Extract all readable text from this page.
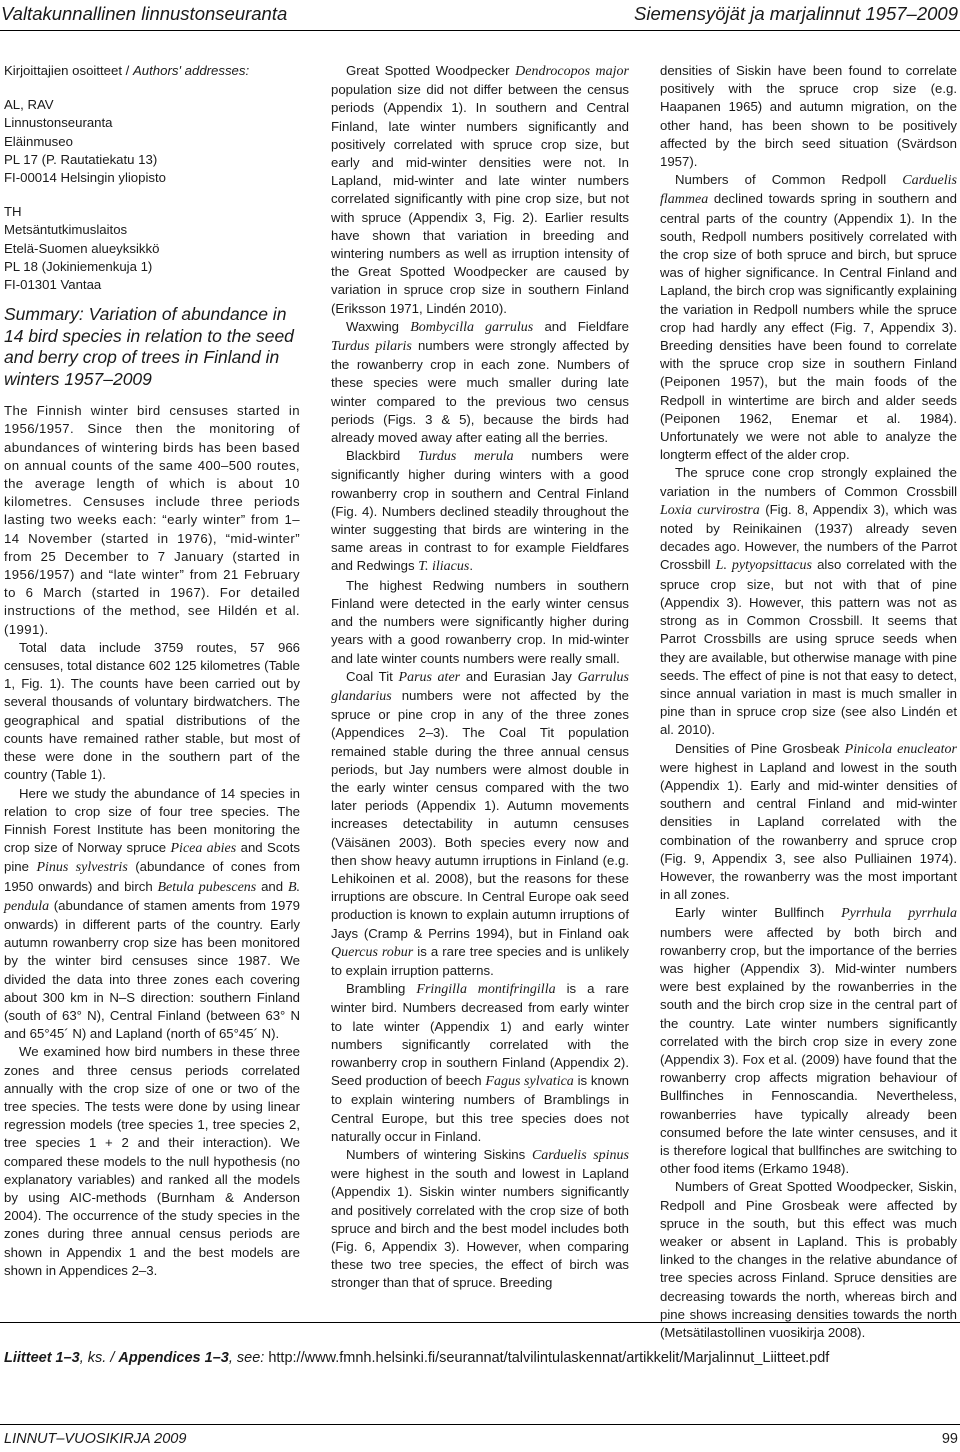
Valtakunnallinen linnustonseuranta	Siemensyöjät ja marjalinnut 1957–2009
Kirjoittajien osoitteet / Authors' addresses:
AL, RAV
Linnustonseuranta
Eläinmuseo
PL 17 (P. Rautatiekatu 13)
FI-00014 Helsingin yliopisto
TH
Metsäntutkimuslaitos
Etelä-Suomen alueyksikkö
PL 18 (Jokiniemenkuja 1)
FI-01301 Vantaa
Summary: Variation of abundance in 14 bird species in relation to the seed and berry crop of trees in Finland in winters 1957–2009

The Finnish winter bird censuses started in 1956/1957. Since then the monitoring of abundances of wintering birds has been based on annual counts of the same 400–500 routes, the average length of which is about 10 kilometres. Censuses include three periods lasting two weeks each: “early winter” from 1–14 November (started in 1976), “mid-winter” from 25 December to 7 January (started in 1956/1957) and “late winter” from 21 February to 6 March (started in 1967). For detailed instructions of the method, see Hildén et al. (1991).

Total data include 3759 routes, 57 966 censuses, total distance 602 125 kilometres (Table 1, Fig. 1). The counts have been carried out by several thousands of voluntary birdwatchers. The geographical and spatial distributions of the counts have remained rather stable, but most of these were done in the southern part of the country (Table 1).

Here we study the abundance of 14 species in relation to crop size of four tree species. The Finnish Forest Institute has been monitoring the crop size of Norway spruce Picea abies and Scots pine Pinus sylvestris (abundance of cones from 1950 onwards) and birch Betula pubescens and B. pendula (abundance of stamen aments from 1979 onwards) in different parts of the country. Early autumn rowanberry crop size has been monitored by the winter bird censuses since 1987. We divided the data into three zones each covering about 300 km in N–S direction: southern Finland (south of 63° N), Central Finland (between 63° N and 65°45´ N) and Lapland (north of 65°45´ N).

We examined how bird numbers in these three zones and three census periods correlated annually with the crop size of one or two of the tree species. The tests were done by using linear regression models (tree species 1, tree species 2, tree species 1 + 2 and their interaction). We compared these models to the null hypothesis (no explanatory variables) and ranked all the models by using AIC-methods (Burnham & Anderson 2004). The occurrence of the study species in the zones during three annual census periods are shown in Appendix 1 and the best models are shown in Appendices 2–3.

Great Spotted Woodpecker Dendrocopos major population size did not differ between the census periods (Appendix 1). In southern and Central Finland, late winter numbers significantly and positively correlated with spruce crop size, but early and mid-winter densities were not. In Lapland, mid-winter and late winter numbers correlated significantly with pine crop size, but not with spruce (Appendix 3, Fig. 2). Earlier results have shown that variation in breeding and wintering numbers as well as irruption intensity of the Great Spotted Woodpecker are caused by variation in spruce crop size in southern Finland (Eriksson 1971, Lindén 2010).

Waxwing Bombycilla garrulus and Fieldfare Turdus pilaris numbers were strongly affected by the rowanberry crop in each zone. Numbers of these species were much smaller during late winter compared to the previous two census periods (Figs. 3 & 5), because the birds had already moved away after eating all the berries.

Blackbird Turdus merula numbers were significantly higher during winters with a good rowanberry crop in southern and Central Finland (Fig. 4). Numbers declined steadily throughout the winter suggesting that birds are wintering in the same areas in contrast to for example Fieldfares and Redwings T. iliacus.

The highest Redwing numbers in southern Finland were detected in the early winter census and the numbers were significantly higher during years with a good rowanberry crop. In mid-winter and late winter counts numbers were really small.

Coal Tit Parus ater and Eurasian Jay Garrulus glandarius numbers were not affected by the spruce or pine crop in any of the three zones (Appendices 2–3). The Coal Tit population remained stable during the three annual census periods, but Jay numbers were almost double in the early winter census compared with the two later periods (Appendix 1). Autumn movements increases detectability in autumn censuses (Väisänen 2003). Both species every now and then show heavy autumn irruptions in Finland (e.g. Lehikoinen et al. 2008), but the reasons for these irruptions are obscure. In Central Europe oak seed production is known to explain autumn irruptions of Jays (Cramp & Perrins 1994), but in Finland oak Quercus robur is a rare tree species and is unlikely to explain irruption patterns.

Brambling Fringilla montifringilla is a rare winter bird. Numbers decreased from early winter to late winter (Appendix 1) and early winter numbers significantly correlated with the rowanberry crop in southern Finland (Appendix 2). Seed production of beech Fagus sylvatica is known to explain wintering numbers of Bramblings in Central Europe, but this tree species does not naturally occur in Finland.

Numbers of wintering Siskins Carduelis spinus were highest in the south and lowest in Lapland (Appendix 1). Siskin winter numbers significantly and positively correlated with the crop size of both spruce and birch and the best model includes both (Fig. 6, Appendix 3). However, when comparing these two tree species, the effect of birch was stronger than that of spruce. Breeding

densities of Siskin have been found to correlate positively with the spruce crop size (e.g. Haapanen 1965) and autumn migration, on the other hand, has been shown to be positively affected by the birch seed situation (Svärdson 1957).

Numbers of Common Redpoll Carduelis flammea declined towards spring in southern and central parts of the country (Appendix 1). In the south, Redpoll numbers positively correlated with the crop size of both spruce and birch, but spruce was of higher significance. In Central Finland and Lapland, the birch crop was significantly explaining the variation in Redpoll numbers while the spruce crop had hardly any effect (Fig. 7, Appendix 3). Breeding densities have been found to correlate with the spruce crop size in southern Finland (Peiponen 1957), but the main foods of the Redpoll in wintertime are birch and alder seeds (Peiponen 1962, Enemar et al. 1984). Unfortunately we were not able to analyze the longterm effect of the alder crop.

The spruce cone crop strongly explained the variation in the numbers of Common Crossbill Loxia curvirostra (Fig. 8, Appendix 3), which was noted by Reinikainen (1937) already seven decades ago. However, the numbers of the Parrot Crossbill L. pytyopsittacus also correlated with the spruce crop size, but not with that of pine (Appendix 3). However, this pattern was not as strong as in Common Crossbill. It seems that Parrot Crossbills are using spruce seeds when they are available, but otherwise manage with pine seeds. The effect of pine is not that easy to detect, since annual variation in mast is much smaller in pine than in spruce crop size (see also Lindén et al. 2010).

Densities of Pine Grosbeak Pinicola enucleator were highest in Lapland and lowest in the south (Appendix 1). Early and mid-winter densities of southern and central Finland and mid-winter densities in Lapland correlated with the combination of the rowanberry and spruce crop (Fig. 9, Appendix 3, see also Pulliainen 1974). However, the rowanberry was the most important in all zones.

Early winter Bullfinch Pyrrhula pyrrhula numbers were affected by both birch and rowanberry crop, but the importance of the berries was higher (Appendix 3). Mid-winter numbers were best explained by the rowanberries in the south and the birch crop size in the central part of the country. Late winter numbers significantly correlated with the birch crop size in every zone (Appendix 3). Fox et al. (2009) have found that the rowanberry crop affects migration behaviour of Bullfinches in Fennoscandia. Nevertheless, rowanberries have typically already been consumed before the late winter censuses, and it is therefore logical that bullfinches are switching to other food items (Erkamo 1948).

Numbers of Great Spotted Woodpecker, Siskin, Redpoll and Pine Grosbeak were affected by spruce in the south, but this effect was much weaker or absent in Lapland. This is probably linked to the changes in the relative abundance of tree species across Finland. Spruce densities are decreasing towards the north, whereas birch and pine shows increasing densities towards the north (Metsätilastollinen vuosikirja 2008).

Liitteet 1–3, ks. / Appendices 1–3, see: http://www.fmnh.helsinki.fi/seurannat/talvilintulaskennat/artikkelit/Marjalinnut_Liitteet.pdf
LINNUT–VUOSIKIRJA 2009	99
